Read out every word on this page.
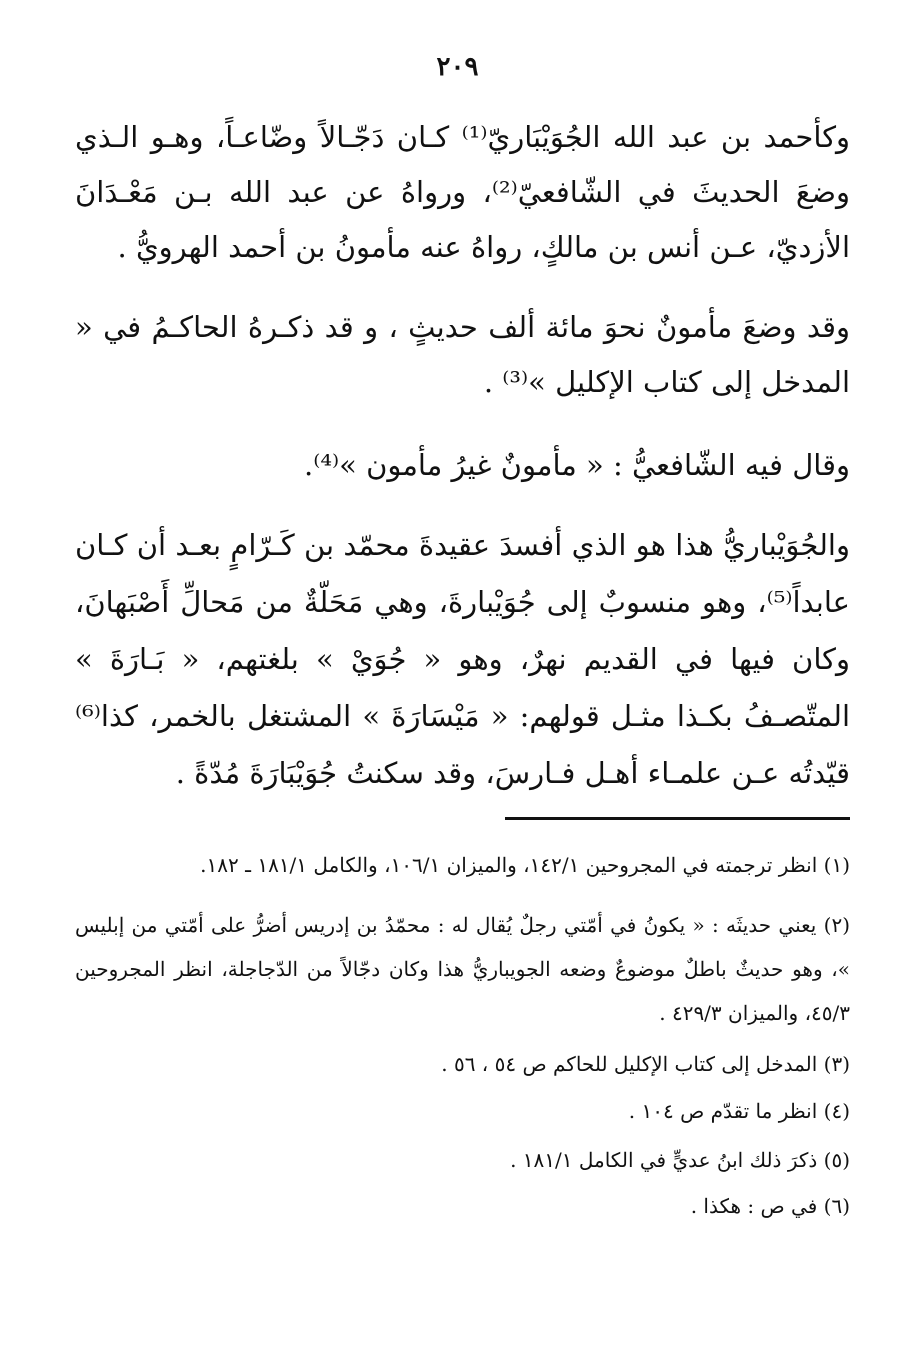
٢٠٩

وكأحمد بن عبد الله الجُوَيْبَاريّ⁽¹⁾ كـان دَجّـالاً وضّاعـاً، وهـو الـذي وضعَ الحديثَ في الشّافعيّ⁽²⁾، ورواهُ عن عبد الله بـن مَعْـدَانَ الأزديّ، عـن أنس بن مالكٍ، رواهُ عنه مأمونُ بن أحمد الهرويُّ .

وقد وضعَ مأمونٌ نحوَ مائة ألف حديثٍ ، و قد ذكـرهُ الحاكـمُ في « المدخل إلى كتاب الإكليل »⁽³⁾ .

وقال فيه الشّافعيُّ : « مأمونٌ غيرُ مأمون »⁽⁴⁾.

والجُوَيْباريُّ هذا هو الذي أفسدَ عقيدةَ محمّد بن كَـرّامٍ بعـد أن كـان عابداً⁽⁵⁾، وهو منسوبٌ إلى جُوَيْبارةَ، وهي مَحَلّةٌ من مَحالِّ أَصْبَهانَ، وكان فيها في القديم نهرٌ، وهو « جُوَيْ » بلغتهم، « بَـارَةَ » المتّصـفُ بكـذا مثـل قولهم: « مَيْسَارَةَ » المشتغل بالخمر، كذا⁽⁶⁾ قيّدتُه عـن علمـاء أهـل فـارسَ، وقد سكنتُ جُوَيْبَارَةَ مُدّةً .

(١) انظر ترجمته في المجروحين ١٤٢/١، والميزان ١٠٦/١، والكامل ١٨١/١ ـ ١٨٢.

(٢) يعني حديثَه : « يكونُ في أمّتي رجلٌ يُقال له : محمّدُ بن إدريس أضرُّ على أمّتي من إبليس »، وهو حديثٌ باطلٌ موضوعٌ وضعه الجويباريُّ هذا وكان دجّالاً من الدّجاجلة، انظر المجروحين ٤٥/٣، والميزان ٤٢٩/٣ .

(٣) المدخل إلى كتاب الإكليل للحاكم ص ٥٤ ، ٥٦ .

(٤) انظر ما تقدّم ص ١٠٤ .

(٥) ذكرَ ذلك ابنُ عديٍّ في الكامل ١٨١/١ .

(٦) في ص : هكذا .
